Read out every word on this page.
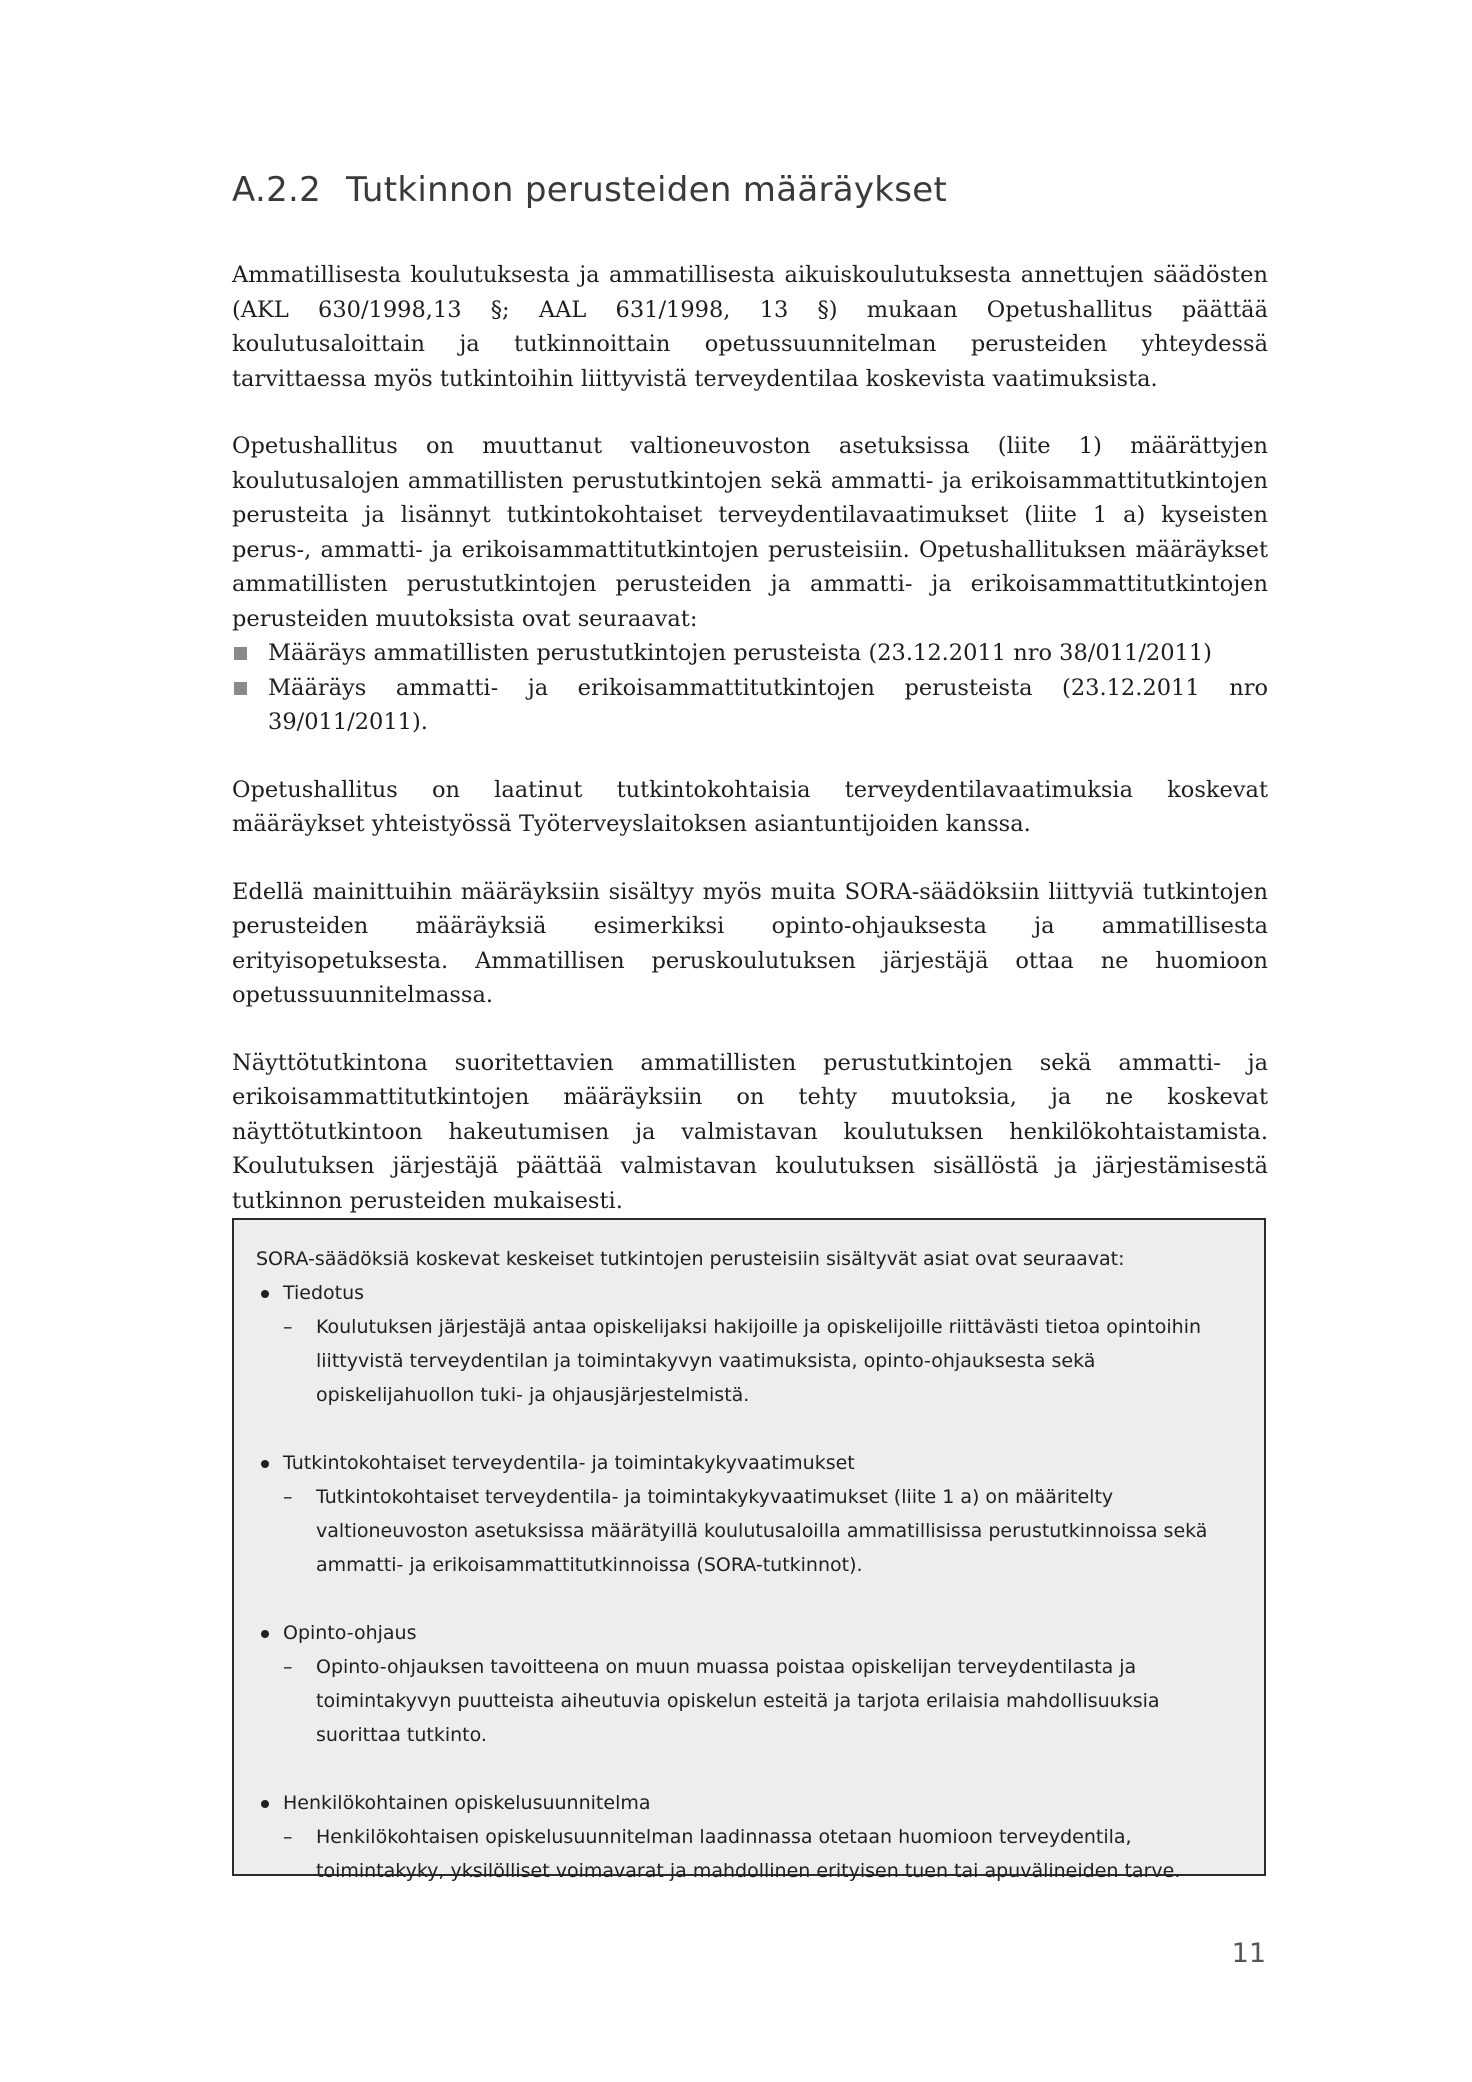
A.2.2 Tutkinnon perusteiden määräykset

Ammatillisesta koulutuksesta ja ammatillisesta aikuiskoulutuksesta annettujen säädösten (AKL 630/1998,13 §; AAL 631/1998, 13 §) mukaan Opetushallitus päättää koulutusaloittain ja tutkinnoittain opetussuunnitelman perusteiden yhteydessä tarvittaessa myös tutkintoihin liittyvistä terveydentilaa koskevista vaatimuksista.

Opetushallitus on muuttanut valtioneuvoston asetuksissa (liite 1) määrättyjen koulutusalojen ammatillisten perustutkintojen sekä ammatti- ja erikoisammattitutkintojen perusteita ja lisännyt tutkintokohtaiset terveydentilavaatimukset (liite 1 a) kyseisten perus-, ammatti- ja erikoisammattitutkintojen perusteisiin. Opetushallituksen määräykset ammatillisten perustutkintojen perusteiden ja ammatti- ja erikoisammattitutkintojen perusteiden muutoksista ovat seuraavat:

Määräys ammatillisten perustutkintojen perusteista (23.12.2011 nro 38/011/2011)
Määräys ammatti- ja erikoisammattitutkintojen perusteista (23.12.2011 nro 39/011/2011).

Opetushallitus on laatinut tutkintokohtaisia terveydentilavaatimuksia koskevat määräykset yhteistyössä Työterveyslaitoksen asiantuntijoiden kanssa.

Edellä mainittuihin määräyksiin sisältyy myös muita SORA-säädöksiin liittyviä tutkintojen perusteiden määräyksiä esimerkiksi opinto-ohjauksesta ja ammatillisesta erityisopetuksesta. Ammatillisen peruskoulutuksen järjestäjä ottaa ne huomioon opetussuunnitelmassa.

Näyttötutkintona suoritettavien ammatillisten perustutkintojen sekä ammatti- ja erikoisammattitutkintojen määräyksiin on tehty muutoksia, ja ne koskevat näyttötutkintoon hakeutumisen ja valmistavan koulutuksen henkilökohtaistamista. Koulutuksen järjestäjä päättää valmistavan koulutuksen sisällöstä ja järjestämisestä tutkinnon perusteiden mukaisesti.

SORA-säädöksiä koskevat keskeiset tutkintojen perusteisiin sisältyvät asiat ovat seuraavat:

Tiedotus
– Koulutuksen järjestäjä antaa opiskelijaksi hakijoille ja opiskelijoille riittävästi tietoa opintoihin liittyvistä terveydentilan ja toimintakyvyn vaatimuksista, opinto-ohjauksesta sekä opiskelijahuollon tuki- ja ohjausjärjestelmistä.
Tutkintokohtaiset terveydentila- ja toimintakykyvaatimukset
– Tutkintokohtaiset terveydentila- ja toimintakykyvaatimukset (liite 1 a) on määritelty valtioneuvoston asetuksissa määrätyillä koulutusaloilla ammatillisissa perustutkinnoissa sekä ammatti- ja erikoisammattitutkinnoissa (SORA-tutkinnot).
Opinto-ohjaus
– Opinto-ohjauksen tavoitteena on muun muassa poistaa opiskelijan terveydentilasta ja toimintakyvyn puutteista aiheutuvia opiskelun esteitä ja tarjota erilaisia mahdollisuuksia suorittaa tutkinto.
Henkilökohtainen opiskelusuunnitelma
– Henkilökohtaisen opiskelusuunnitelman laadinnassa otetaan huomioon terveydentila, toimintakyky, yksilölliset voimavarat ja mahdollinen erityisen tuen tai apuvälineiden tarve.
11
